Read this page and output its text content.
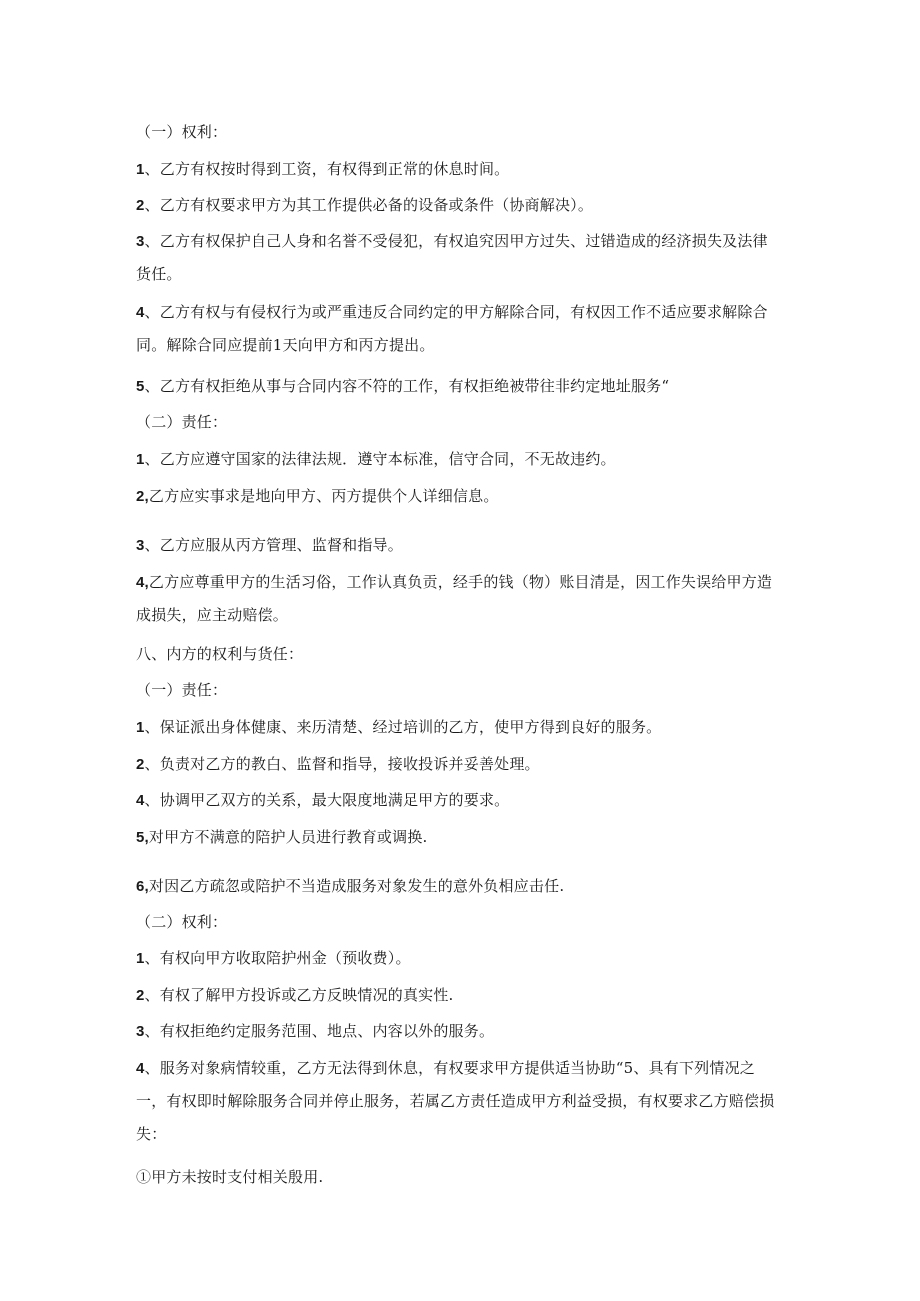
（一）权利：

1、乙方有权按时得到工资，有权得到正常的休息时间。

2、乙方有权要求甲方为其工作提供必备的设备或条件（协商解决）。

3、乙方有权保护自己人身和名誉不受侵犯，有权追究因甲方过失、过错造成的经济损失及法律货任。

4、乙方有权与有侵权行为或严重违反合同约定的甲方解除合同，有权因工作不适应要求解除合同。解除合同应提前1天向甲方和丙方提出。

5、乙方有权拒绝从事与合同内容不符的工作，有权拒绝被带往非约定地址服务“

（二）责任：

1、乙方应遵守国家的法律法规．遵守本标准，信守合同，不无故违约。

2,乙方应实事求是地向甲方、丙方提供个人详细信息。

3、乙方应服从丙方管理、监督和指导。

4,乙方应尊重甲方的生活习俗，工作认真负贡，经手的钱（物）账目清是，因工作失误给甲方造成损失，应主动赔偿。

八、内方的权利与货任：

（一）责任：

1、保证派出身体健康、来历清楚、经过培训的乙方，使甲方得到良好的服务。

2、负责对乙方的教白、监督和指导，接收投诉并妥善处理。

4、协调甲乙双方的关系，最大限度地满足甲方的要求。

5,对甲方不满意的陪护人员进行教育或调换.

6,对因乙方疏忽或陪护不当造成服务对象发生的意外负相应击任.

（二）权利：

1、有权向甲方收取陪护州金（预收费）。

2、有权了解甲方投诉或乙方反映情况的真实性.

3、有权拒绝约定服务范围、地点、内容以外的服务。

4、服务对象病情较重，乙方无法得到休息，有权要求甲方提供适当协助“5、具有下列情况之一，有权即时解除服务合同并停止服务，若属乙方责任造成甲方利益受损，有权要求乙方赔偿损失：

①甲方未按时支付相关殷用.
